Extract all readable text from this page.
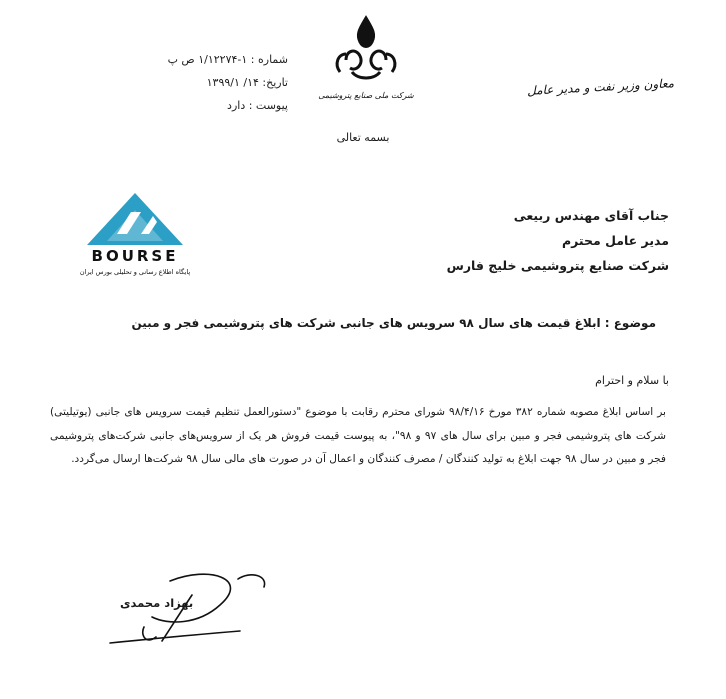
شماره : ۱-۱/۱۲۲۷۴ ص پ
تاریخ: ۱۴/ ۱۳۹۹/۱
پیوست : دارد
شرکت ملی صنایع پتروشیمی	معاون وزیر نفت و مدیر عامل
بسمه تعالی
BOURSE
پایگاه اطلاع رسانی و تحلیلی بورس ایران
جناب آقای مهندس ربیعی
مدیر عامل محترم
شرکت صنایع پتروشیمی خلیج فارس
موضوع : ابلاغ قیمت های سال ۹۸ سرویس های جانبی شرکت های پتروشیمی فجر و مبین
با سلام و احترام
بر اساس ابلاغ مصوبه شماره ۳۸۲ مورخ ۹۸/۴/۱۶ شورای محترم رقابت با موضوع "دستورالعمل تنظیم قیمت سرویس های جانبی (یوتیلیتی) شرکت های پتروشیمی فجر و مبین برای سال های ۹۷ و ۹۸"، به پیوست قیمت فروش هر یک از سرویس‌های جانبی شرکت‌های پتروشیمی فجر و مبین در سال ۹۸ جهت ابلاغ به تولید کنندگان / مصرف کنندگان و اعمال آن در صورت های مالی سال ۹۸ شرکت‌ها ارسال می‌گردد.
بهزاد محمدی
